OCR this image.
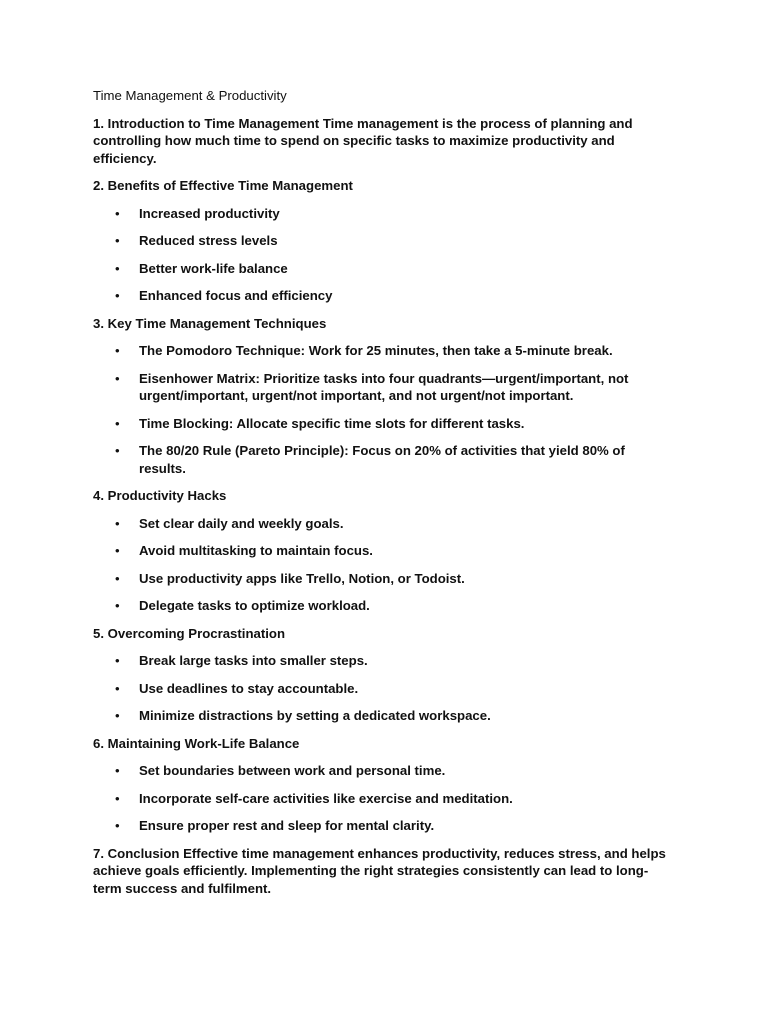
Time Management & Productivity
1. Introduction to Time Management Time management is the process of planning and controlling how much time to spend on specific tasks to maximize productivity and efficiency.
2. Benefits of Effective Time Management
• Increased productivity
• Reduced stress levels
• Better work-life balance
• Enhanced focus and efficiency
3. Key Time Management Techniques
• The Pomodoro Technique: Work for 25 minutes, then take a 5-minute break.
• Eisenhower Matrix: Prioritize tasks into four quadrants—urgent/important, not urgent/important, urgent/not important, and not urgent/not important.
• Time Blocking: Allocate specific time slots for different tasks.
• The 80/20 Rule (Pareto Principle): Focus on 20% of activities that yield 80% of results.
4. Productivity Hacks
• Set clear daily and weekly goals.
• Avoid multitasking to maintain focus.
• Use productivity apps like Trello, Notion, or Todoist.
• Delegate tasks to optimize workload.
5. Overcoming Procrastination
• Break large tasks into smaller steps.
• Use deadlines to stay accountable.
• Minimize distractions by setting a dedicated workspace.
6. Maintaining Work-Life Balance
• Set boundaries between work and personal time.
• Incorporate self-care activities like exercise and meditation.
• Ensure proper rest and sleep for mental clarity.
7. Conclusion Effective time management enhances productivity, reduces stress, and helps achieve goals efficiently. Implementing the right strategies consistently can lead to long-term success and fulfilment.
